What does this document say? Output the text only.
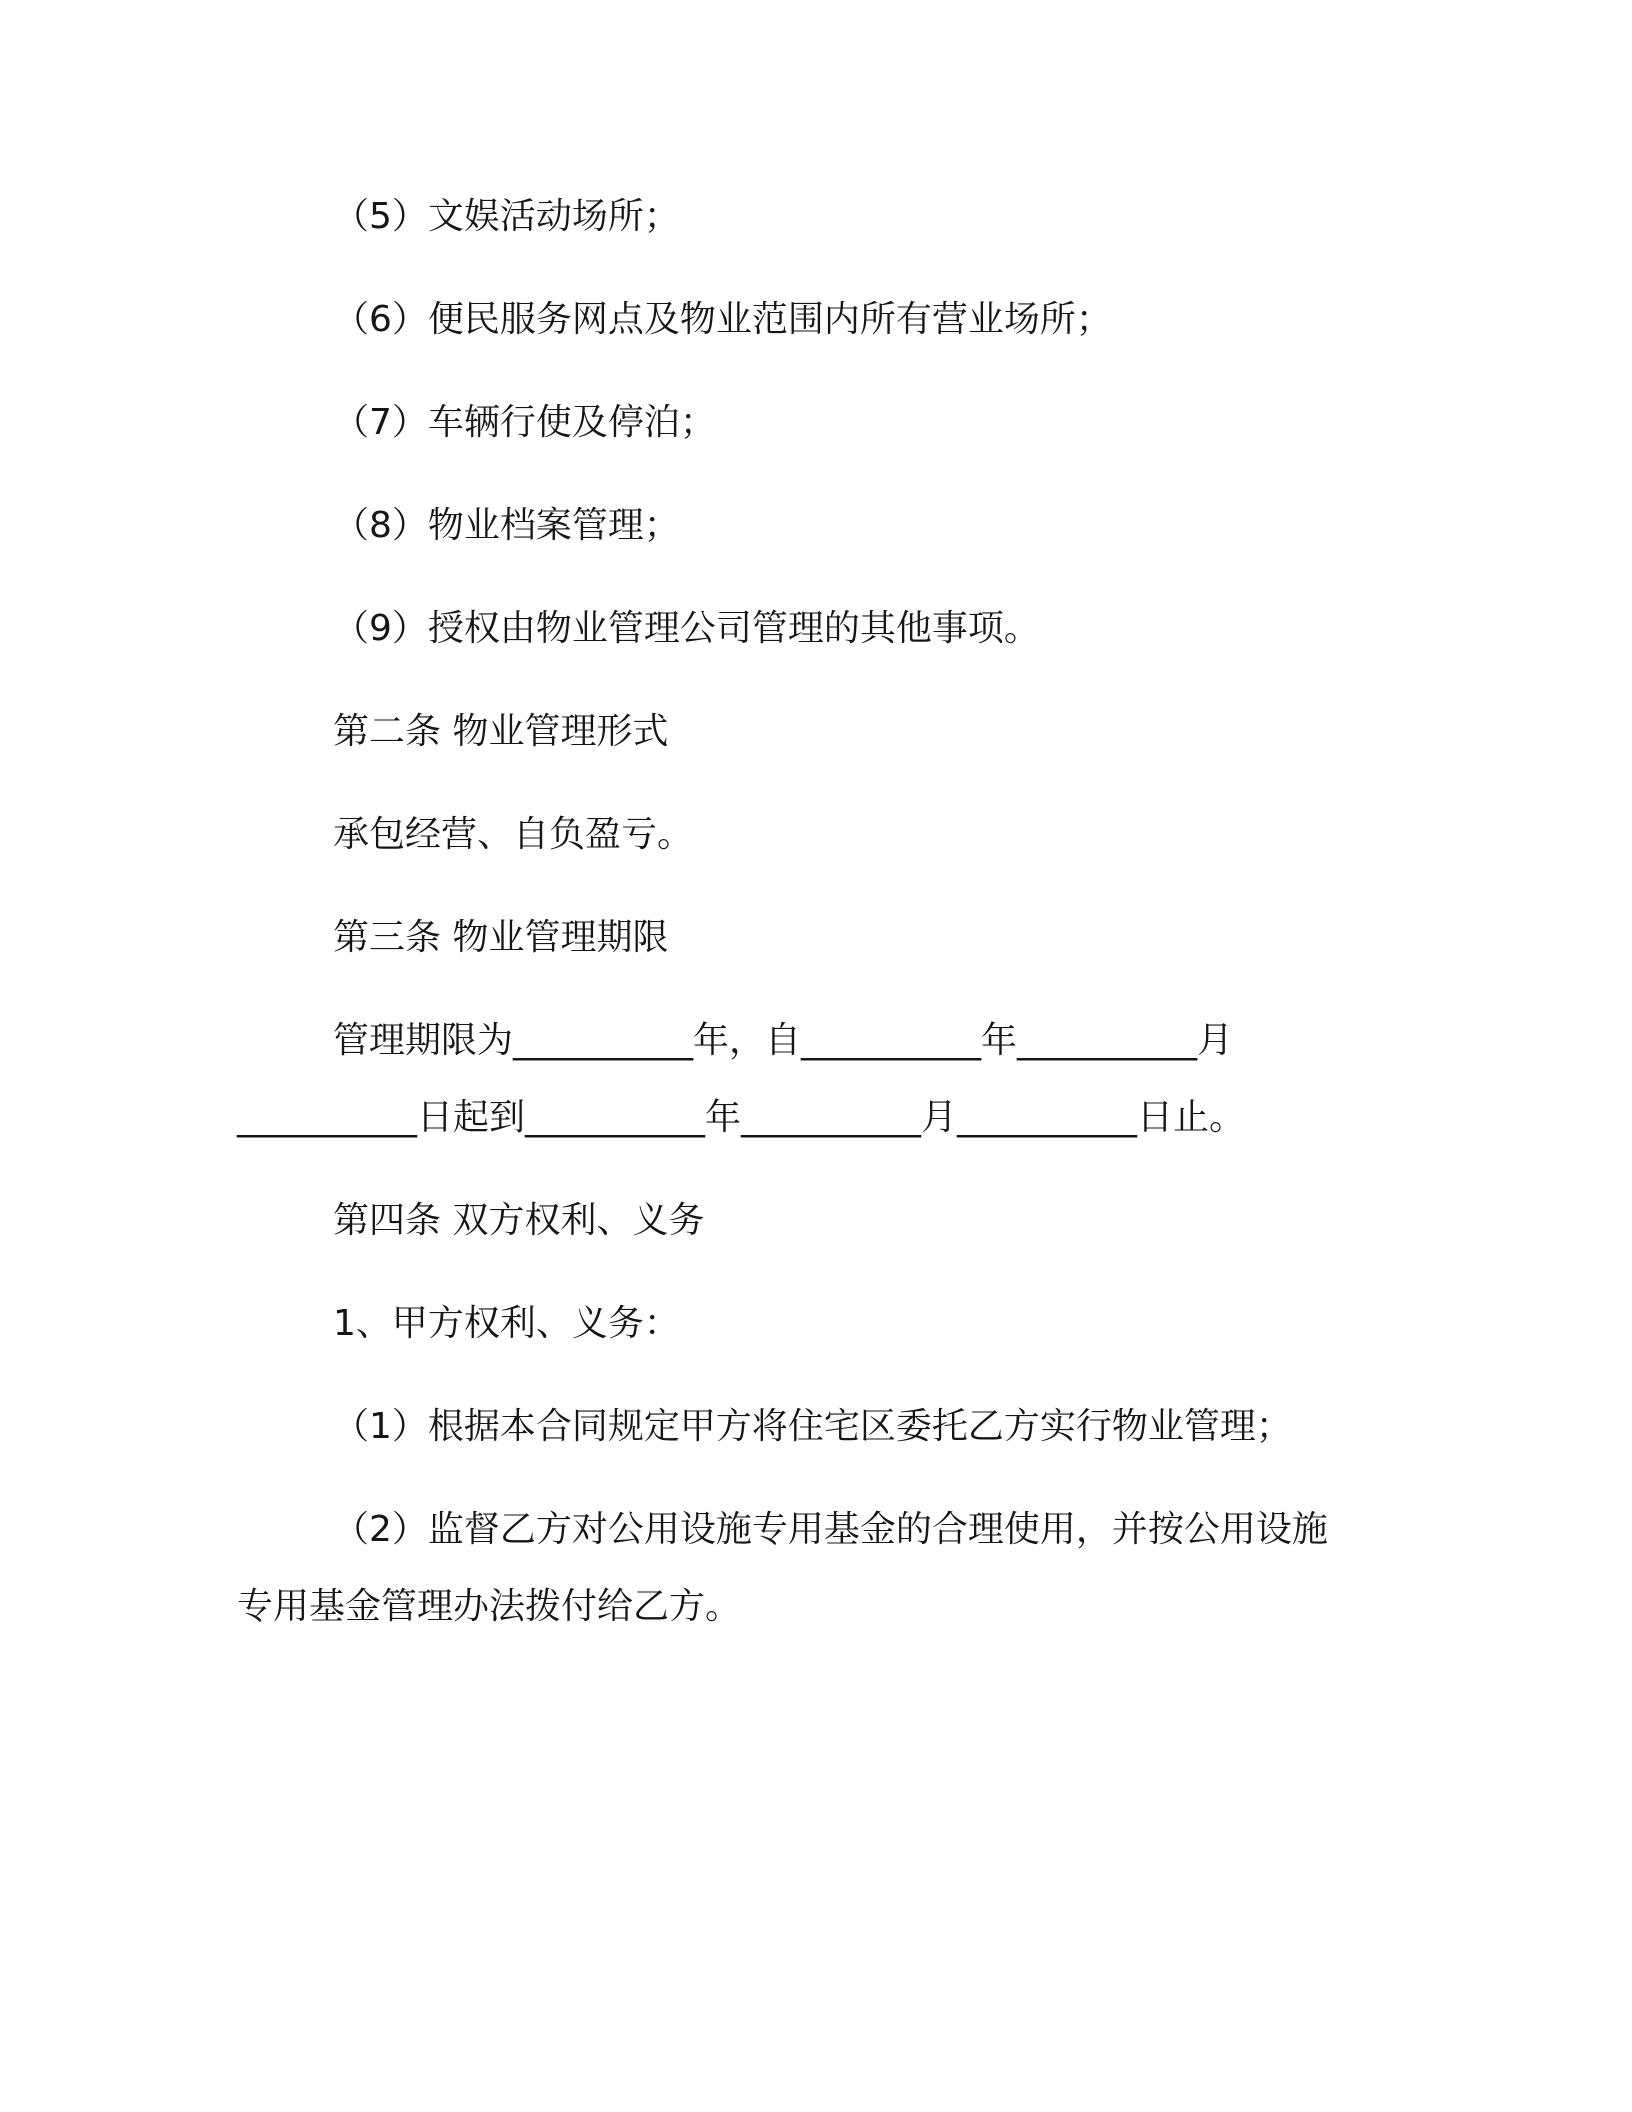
（5）文娱活动场所；
（6）便民服务网点及物业范围内所有营业场所；
（7）车辆行使及停泊；
（8）物业档案管理；
（9）授权由物业管理公司管理的其他事项。
第二条 物业管理形式
承包经营、自负盈亏。
第三条 物业管理期限
管理期限为__________年，自__________年__________月__________日起到__________年__________月__________日止。
第四条 双方权利、义务
1、甲方权利、义务：
（1）根据本合同规定甲方将住宅区委托乙方实行物业管理；
（2）监督乙方对公用设施专用基金的合理使用，并按公用设施专用基金管理办法拨付给乙方。
